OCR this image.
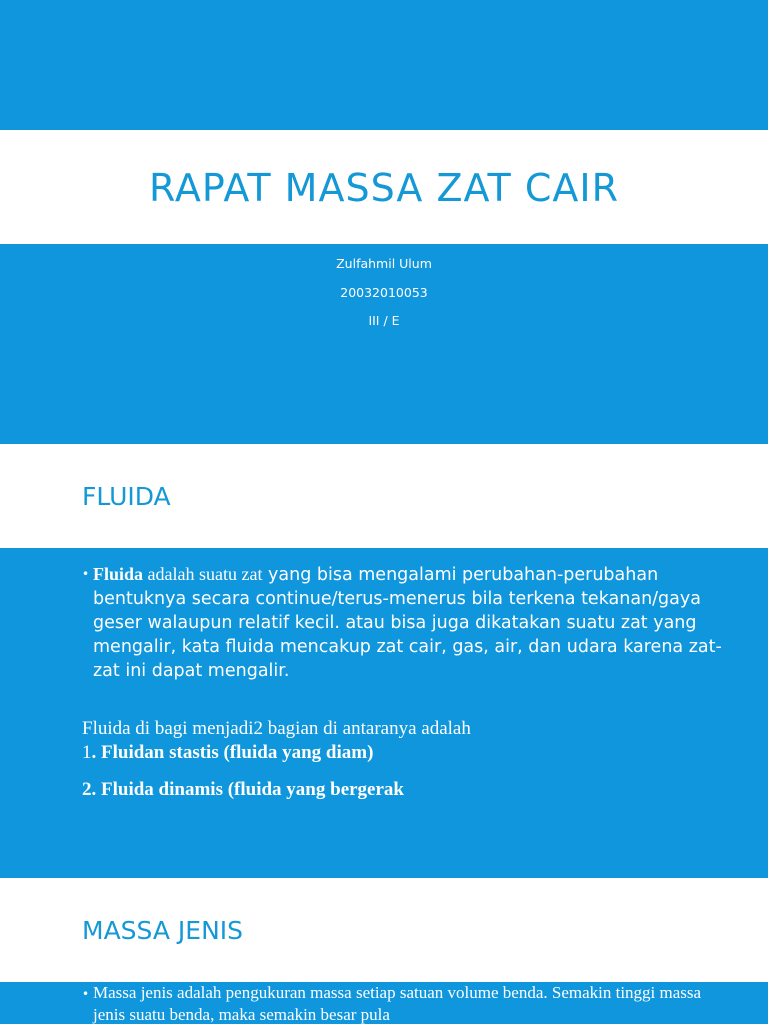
RAPAT MASSA ZAT CAIR
Zulfahmil Ulum
20032010053
III / E
FLUIDA
• Fluida adalah suatu zat yang bisa mengalami perubahan-perubahan bentuknya secara continue/terus-menerus bila terkena tekanan/gaya geser walaupun relatif kecil. atau bisa juga dikatakan suatu zat yang mengalir, kata fluida mencakup zat cair, gas, air, dan udara karena zat-zat ini dapat mengalir.
Fluida di bagi menjadi2 bagian di antaranya adalah
1. Fluidan stastis (fluida yang diam)
2. Fluida dinamis (fluida yang bergerak
MASSA JENIS
• Massa jenis adalah pengukuran massa setiap satuan volume benda. Semakin tinggi massa jenis suatu benda, maka semakin besar pula
